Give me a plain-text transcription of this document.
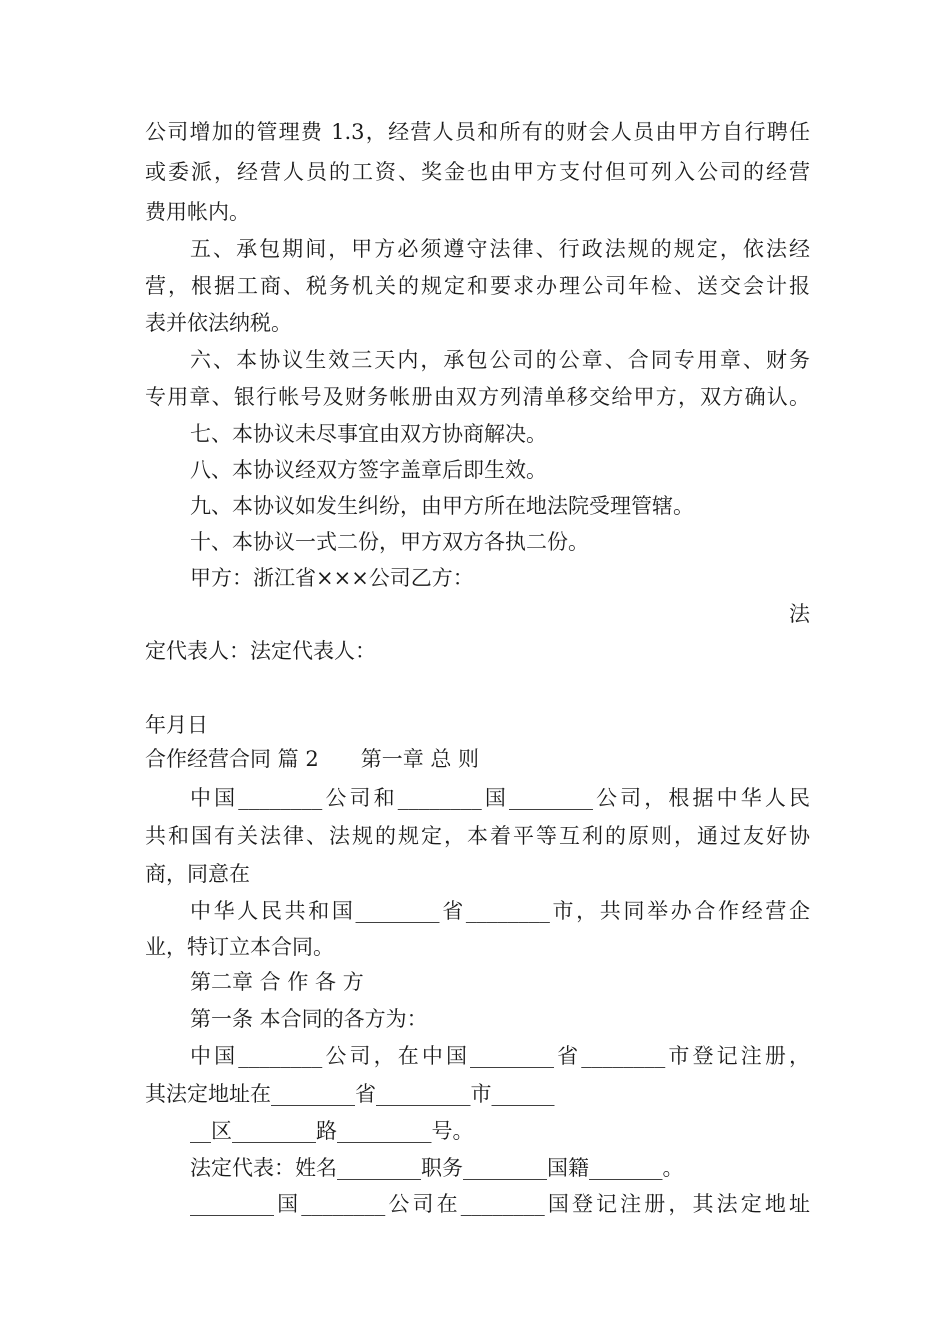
公司增加的管理费 1.3，经营人员和所有的财会人员由甲方自行聘任
或委派，经营人员的工资、奖金也由甲方支付但可列入公司的经营
费用帐内。
五、承包期间，甲方必须遵守法律、行政法规的规定，依法经
营，根据工商、税务机关的规定和要求办理公司年检、送交会计报
表并依法纳税。
六、本协议生效三天内，承包公司的公章、合同专用章、财务
专用章、银行帐号及财务帐册由双方列清单移交给甲方，双方确认。
七、本协议未尽事宜由双方协商解决。
八、本协议经双方签字盖章后即生效。
九、本协议如发生纠纷，由甲方所在地法院受理管辖。
十、本协议一式二份，甲方双方各执二份。
甲方：浙江省×××公司乙方：
法
定代表人：法定代表人：
年月日
合作经营合同 篇 2　　第一章 总 则
中国________公司和________国________公司，根据中华人民
共和国有关法律、法规的规定，本着平等互利的原则，通过友好协
商，同意在
中华人民共和国________省________市，共同举办合作经营企
业，特订立本合同。
第二章 合 作 各 方
第一条 本合同的各方为：
中国________公司，在中国________省________市登记注册，
其法定地址在________省_________市______
__区________路_________号。
法定代表：姓名________职务________国籍_______。
________国________公司在________国登记注册，其法定地址
